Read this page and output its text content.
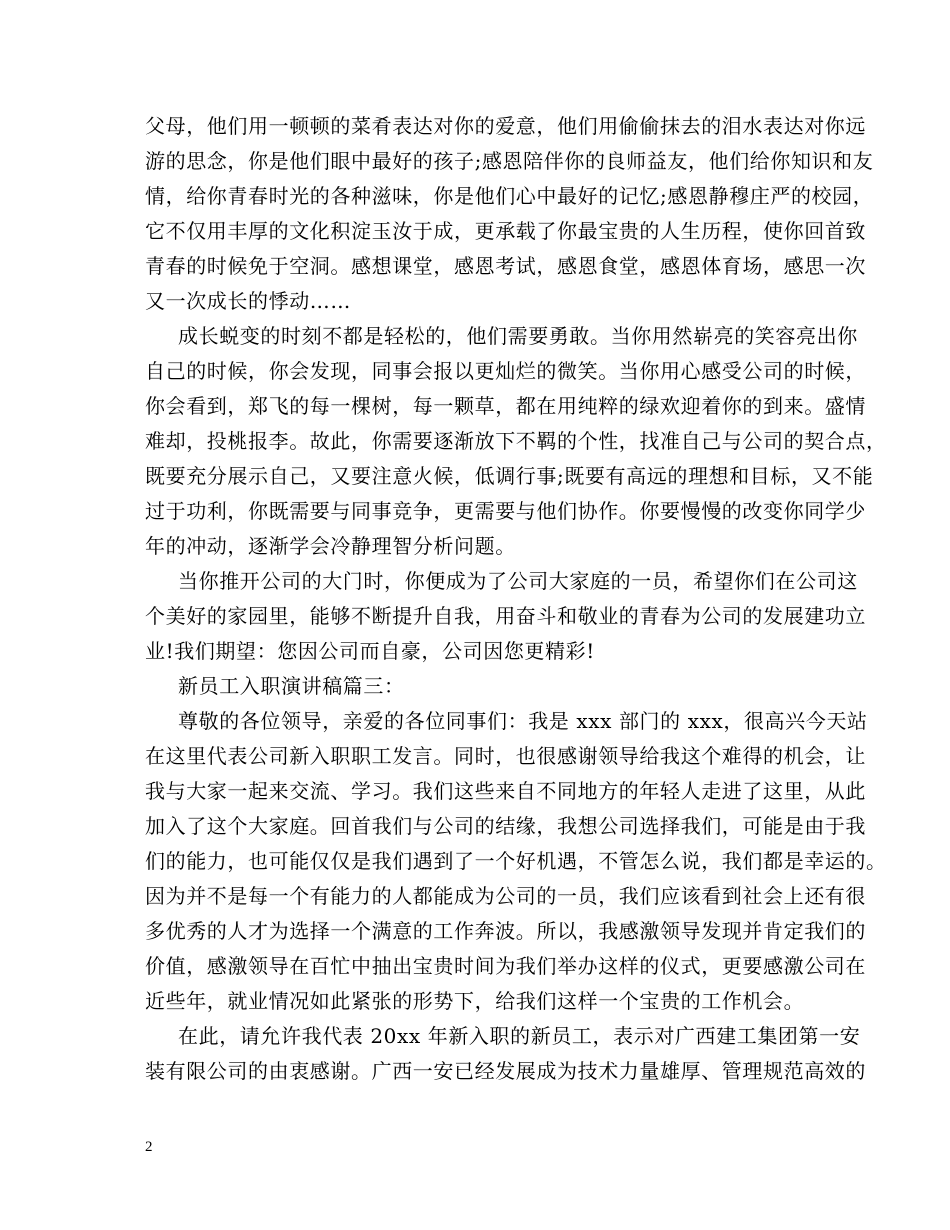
父母，他们用一顿顿的菜肴表达对你的爱意，他们用偷偷抹去的泪水表达对你远
游的思念，你是他们眼中最好的孩子;感恩陪伴你的良师益友，他们给你知识和友
情，给你青春时光的各种滋味，你是他们心中最好的记忆;感恩静穆庄严的校园，
它不仅用丰厚的文化积淀玉汝于成，更承载了你最宝贵的人生历程，使你回首致
青春的时候免于空洞。感想课堂，感恩考试，感恩食堂，感恩体育场，感思一次
又一次成长的悸动……
成长蜕变的时刻不都是轻松的，他们需要勇敢。当你用然崭亮的笑容亮出你
自己的时候，你会发现，同事会报以更灿烂的微笑。当你用心感受公司的时候，
你会看到，郑飞的每一棵树，每一颗草，都在用纯粹的绿欢迎着你的到来。盛情
难却，投桃报李。故此，你需要逐渐放下不羁的个性，找准自己与公司的契合点，
既要充分展示自己，又要注意火候，低调行事;既要有高远的理想和目标，又不能
过于功利，你既需要与同事竞争，更需要与他们协作。你要慢慢的改变你同学少
年的冲动，逐渐学会冷静理智分析问题。
当你推开公司的大门时，你便成为了公司大家庭的一员，希望你们在公司这
个美好的家园里，能够不断提升自我，用奋斗和敬业的青春为公司的发展建功立
业!我们期望：您因公司而自豪，公司因您更精彩!
新员工入职演讲稿篇三：
尊敬的各位领导，亲爱的各位同事们：我是 xxx 部门的 xxx，很高兴今天站
在这里代表公司新入职职工发言。同时，也很感谢领导给我这个难得的机会，让
我与大家一起来交流、学习。我们这些来自不同地方的年轻人走进了这里，从此
加入了这个大家庭。回首我们与公司的结缘，我想公司选择我们，可能是由于我
们的能力，也可能仅仅是我们遇到了一个好机遇，不管怎么说，我们都是幸运的。
因为并不是每一个有能力的人都能成为公司的一员，我们应该看到社会上还有很
多优秀的人才为选择一个满意的工作奔波。所以，我感激领导发现并肯定我们的
价值，感激领导在百忙中抽出宝贵时间为我们举办这样的仪式，更要感激公司在
近些年，就业情况如此紧张的形势下，给我们这样一个宝贵的工作机会。
在此，请允许我代表 20xx 年新入职的新员工，表示对广西建工集团第一安
装有限公司的由衷感谢。广西一安已经发展成为技术力量雄厚、管理规范高效的
2
